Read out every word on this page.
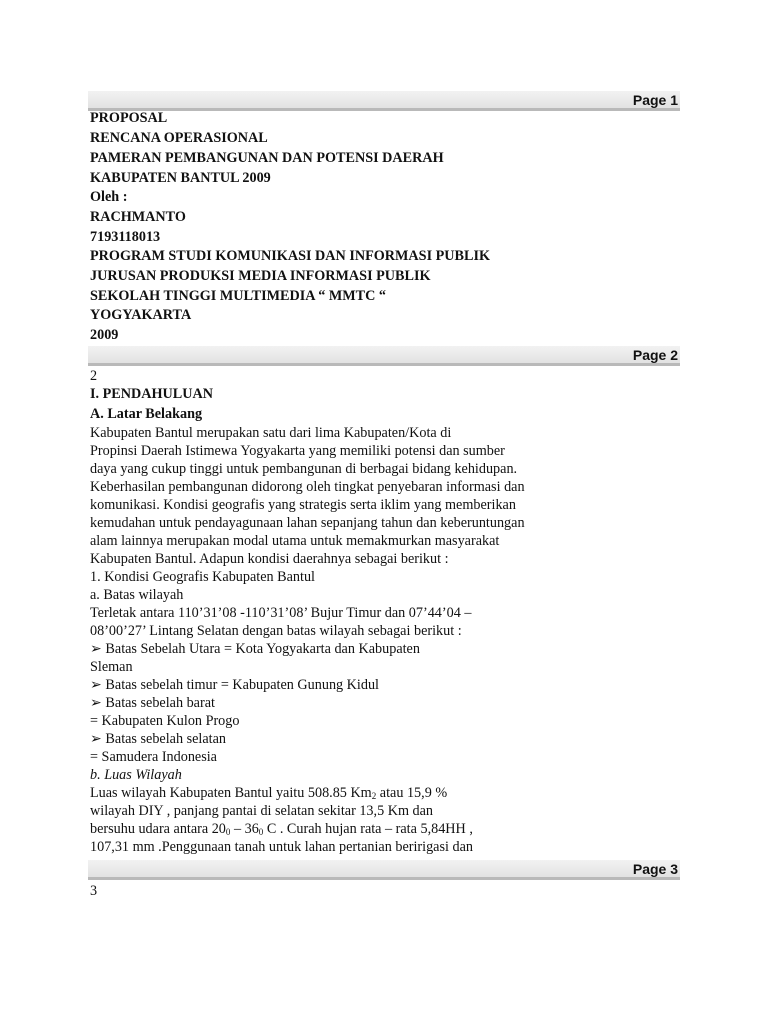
Page 1
PROPOSAL
RENCANA OPERASIONAL
PAMERAN PEMBANGUNAN DAN POTENSI DAERAH
KABUPATEN BANTUL 2009
Oleh :
RACHMANTO
7193118013
PROGRAM STUDI KOMUNIKASI DAN INFORMASI PUBLIK
JURUSAN PRODUKSI MEDIA INFORMASI PUBLIK
SEKOLAH TINGGI MULTIMEDIA “ MMTC “
YOGYAKARTA
2009
Page 2
2
I. PENDAHULUAN
A. Latar Belakang
Kabupaten Bantul merupakan satu dari lima Kabupaten/Kota di
Propinsi Daerah Istimewa Yogyakarta yang memiliki potensi dan sumber
daya yang cukup tinggi untuk pembangunan di berbagai bidang kehidupan.
Keberhasilan pembangunan didorong oleh tingkat penyebaran informasi dan
komunikasi. Kondisi geografis yang strategis serta iklim yang memberikan
kemudahan untuk pendayagunaan lahan sepanjang tahun dan keberuntungan
alam lainnya merupakan modal utama untuk memakmurkan masyarakat
Kabupaten Bantul. Adapun kondisi daerahnya sebagai berikut :
1. Kondisi Geografis Kabupaten Bantul
a. Batas wilayah
Terletak antara 110’31’08 -110’31’08’ Bujur Timur dan 07’44’04 –
08’00’27’ Lintang Selatan dengan batas wilayah sebagai berikut :
➢ Batas Sebelah Utara = Kota Yogyakarta dan Kabupaten
Sleman
➢ Batas sebelah timur = Kabupaten Gunung Kidul
➢ Batas sebelah barat
= Kabupaten Kulon Progo
➢ Batas sebelah selatan
= Samudera Indonesia
b. Luas Wilayah
Luas wilayah Kabupaten Bantul yaitu 508.85 $Km_2$ atau 15,9 %
wilayah DIY , panjang pantai di selatan sekitar 13,5 Km dan
bersuhu udara antara $20_0 - 36_0$ C . Curah hujan rata – rata 5,84HH ,
107,31 mm .Penggunaan tanah untuk lahan pertanian beririgasi dan
Page 3
3
